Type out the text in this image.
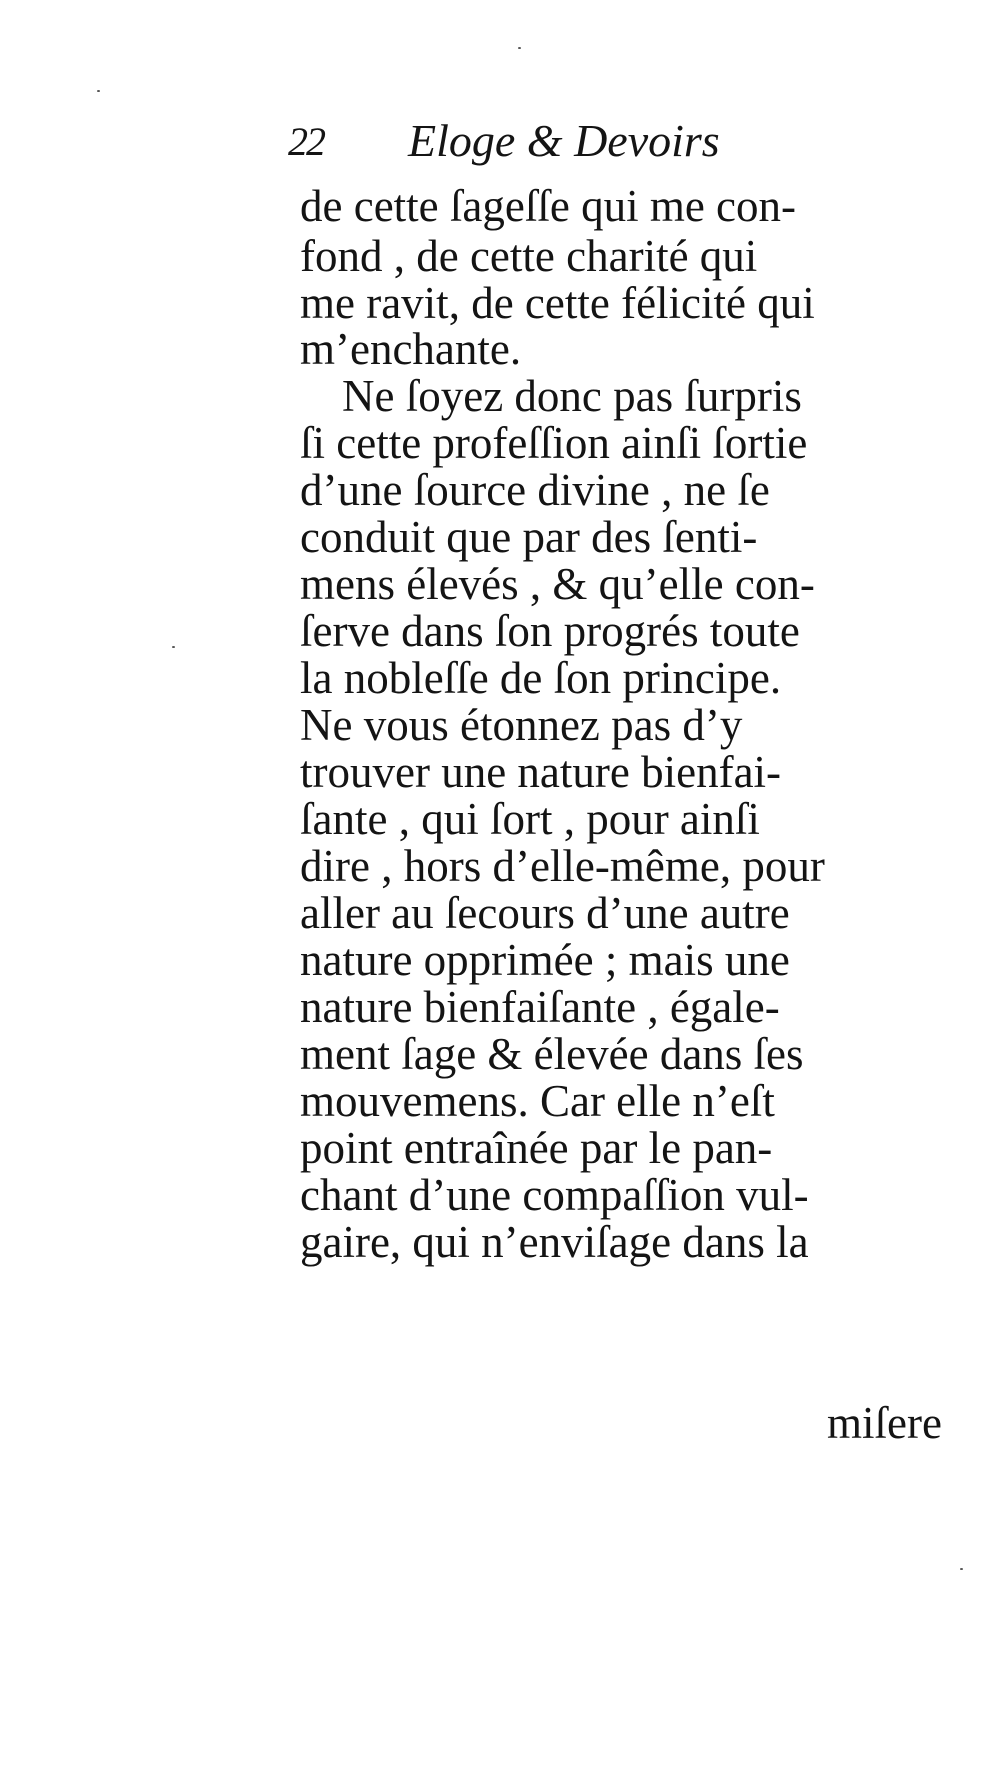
22 Eloge & Devoirs
de cette ſageſſe qui me con-
fond , de cette charité qui
me ravit, de cette félicité qui
m’enchante.
Ne ſoyez donc pas ſurpris
ſi cette profeſſion ainſi ſortie
d’une ſource divine , ne ſe
conduit que par des ſenti-
mens élevés , & qu’elle con-
ſerve dans ſon progrés toute
la nobleſſe de ſon principe.
Ne vous étonnez pas d’y
trouver une nature bienfai-
ſante , qui ſort , pour ainſi
dire , hors d’elle-même, pour
aller au ſecours d’une autre
nature opprimée ; mais une
nature bienfaiſante , égale-
ment ſage & élevée dans ſes
mouvemens. Car elle n’eſt
point entraînée par le pan-
chant d’une compaſſion vul-
gaire, qui n’enviſage dans la
miſere
